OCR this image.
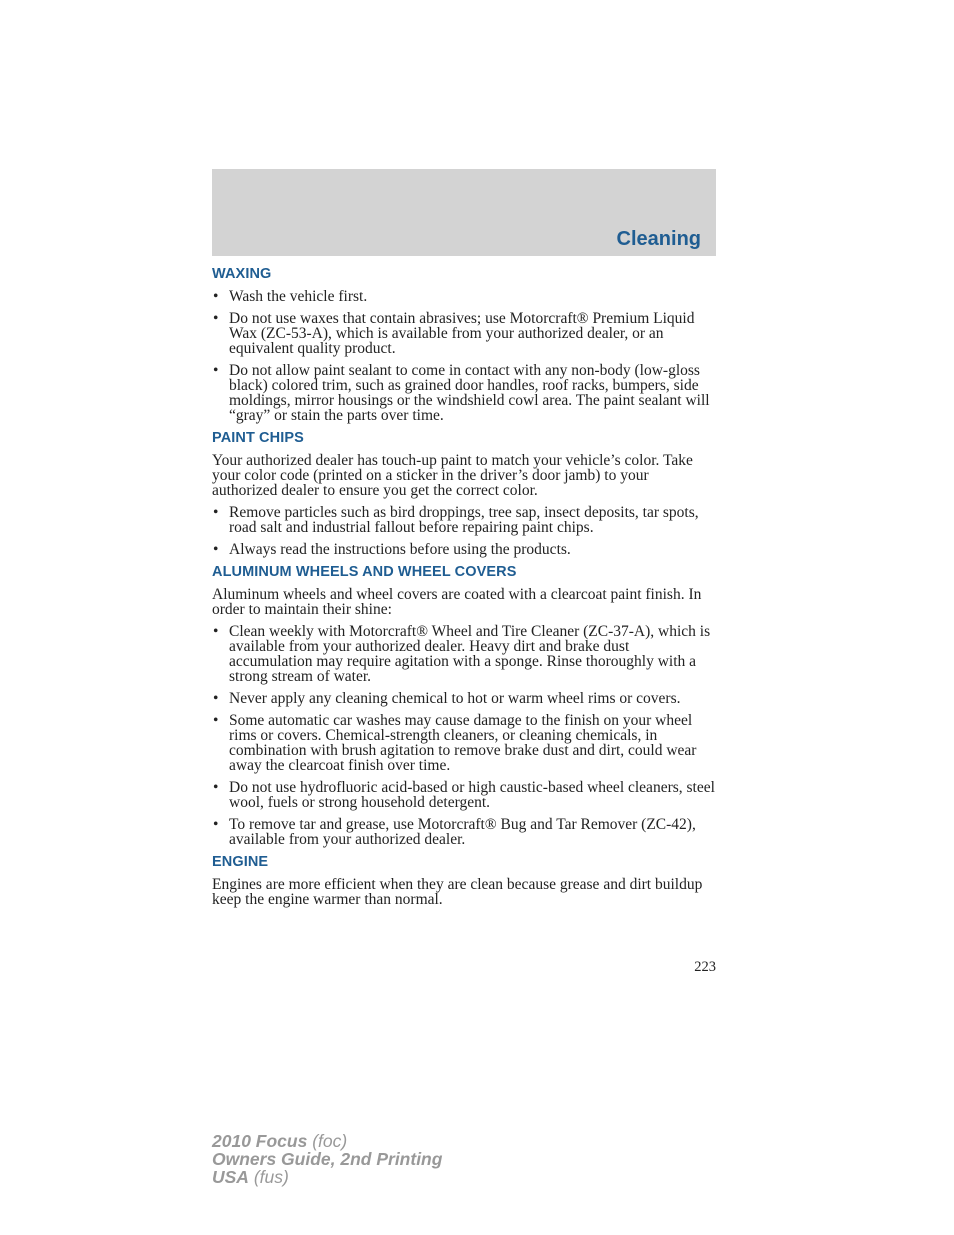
Cleaning
WAXING
• Wash the vehicle first.
• Do not use waxes that contain abrasives; use Motorcraft® Premium Liquid Wax (ZC-53-A), which is available from your authorized dealer, or an equivalent quality product.
• Do not allow paint sealant to come in contact with any non-body (low-gloss black) colored trim, such as grained door handles, roof racks, bumpers, side moldings, mirror housings or the windshield cowl area. The paint sealant will “gray” or stain the parts over time.
PAINT CHIPS

Your authorized dealer has touch-up paint to match your vehicle’s color. Take your color code (printed on a sticker in the driver’s door jamb) to your authorized dealer to ensure you get the correct color.

• Remove particles such as bird droppings, tree sap, insect deposits, tar spots, road salt and industrial fallout before repairing paint chips.
• Always read the instructions before using the products.
ALUMINUM WHEELS AND WHEEL COVERS

Aluminum wheels and wheel covers are coated with a clearcoat paint finish. In order to maintain their shine:

• Clean weekly with Motorcraft® Wheel and Tire Cleaner (ZC-37-A), which is available from your authorized dealer. Heavy dirt and brake dust accumulation may require agitation with a sponge. Rinse thoroughly with a strong stream of water.
• Never apply any cleaning chemical to hot or warm wheel rims or covers.
• Some automatic car washes may cause damage to the finish on your wheel rims or covers. Chemical-strength cleaners, or cleaning chemicals, in combination with brush agitation to remove brake dust and dirt, could wear away the clearcoat finish over time.
• Do not use hydrofluoric acid-based or high caustic-based wheel cleaners, steel wool, fuels or strong household detergent.
• To remove tar and grease, use Motorcraft® Bug and Tar Remover (ZC-42), available from your authorized dealer.
ENGINE

Engines are more efficient when they are clean because grease and dirt buildup keep the engine warmer than normal.

223
2010 Focus (foc)
Owners Guide, 2nd Printing
USA (fus)
